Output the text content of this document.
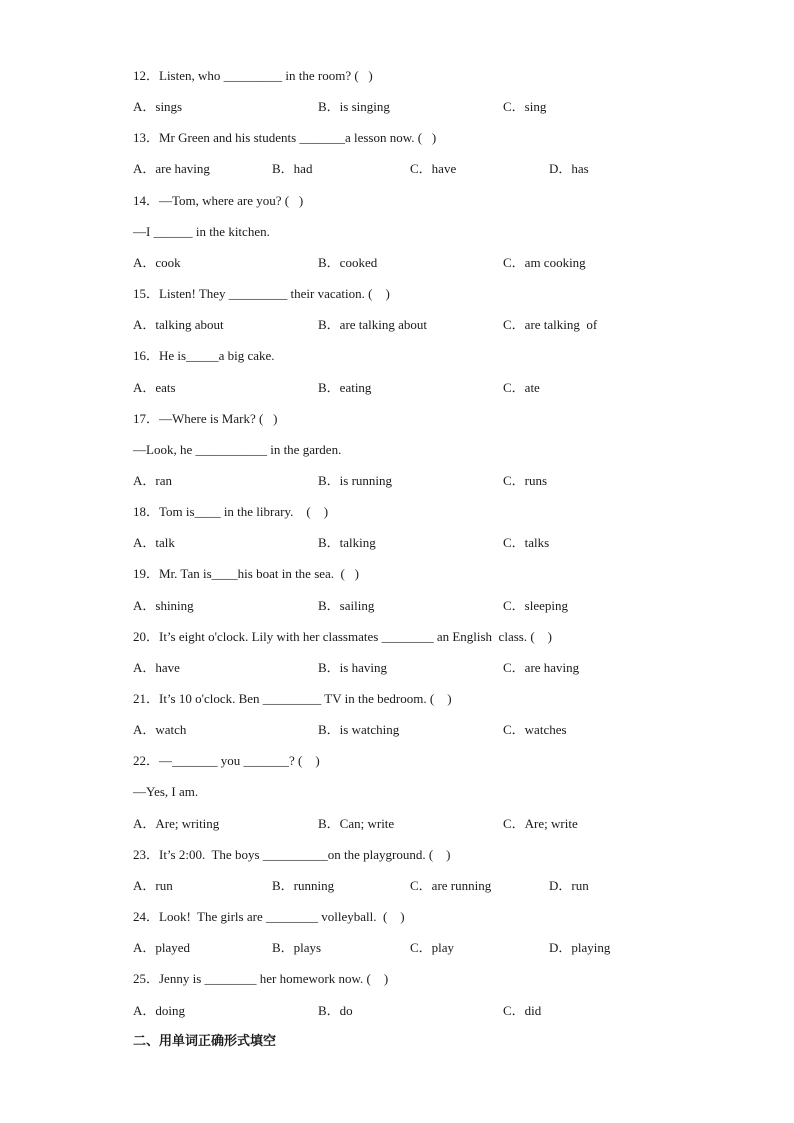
12．Listen, who _________ in the room? (   )
A．sings	B．is singing	C．sing
13．Mr Green and his students _______a lesson now. (   )
A．are having	B．had	C．have	D．has
14．—Tom, where are you? (   )
—I ______ in the kitchen.
A．cook	B．cooked	C．am cooking
15．Listen! They _________ their vacation. (    )
A．talking about	B．are talking about	C．are talking  of
16．He is_____a big cake.
A．eats	B．eating	C．ate
17．—Where is Mark? (   )
—Look, he ___________ in the garden.
A．ran	B．is running	C．runs
18．Tom is____ in the library.    (    )
A．talk	B．talking	C．talks
19．Mr. Tan is____his boat in the sea.  (   )
A．shining	B．sailing	C．sleeping
20．It’s eight o'clock. Lily with her classmates ________ an English  class. (    )
A．have	B．is having	C．are having
21．It’s 10 o'clock. Ben _________ TV in the bedroom. (    )
A．watch	B．is watching	C．watches
22．—_______ you _______? (    )
—Yes, I am.
A．Are; writing	B．Can; write	C．Are; write
23．It’s 2:00.  The boys __________on the playground. (    )
A．run	B．running	C．are running	D．run
24．Look!  The girls are ________ volleyball.  (    )
A．played	B．plays	C．play	D．playing
25．Jenny is ________ her homework now. (    )
A．doing	B．do	C．did
二、用单词正确形式填空
